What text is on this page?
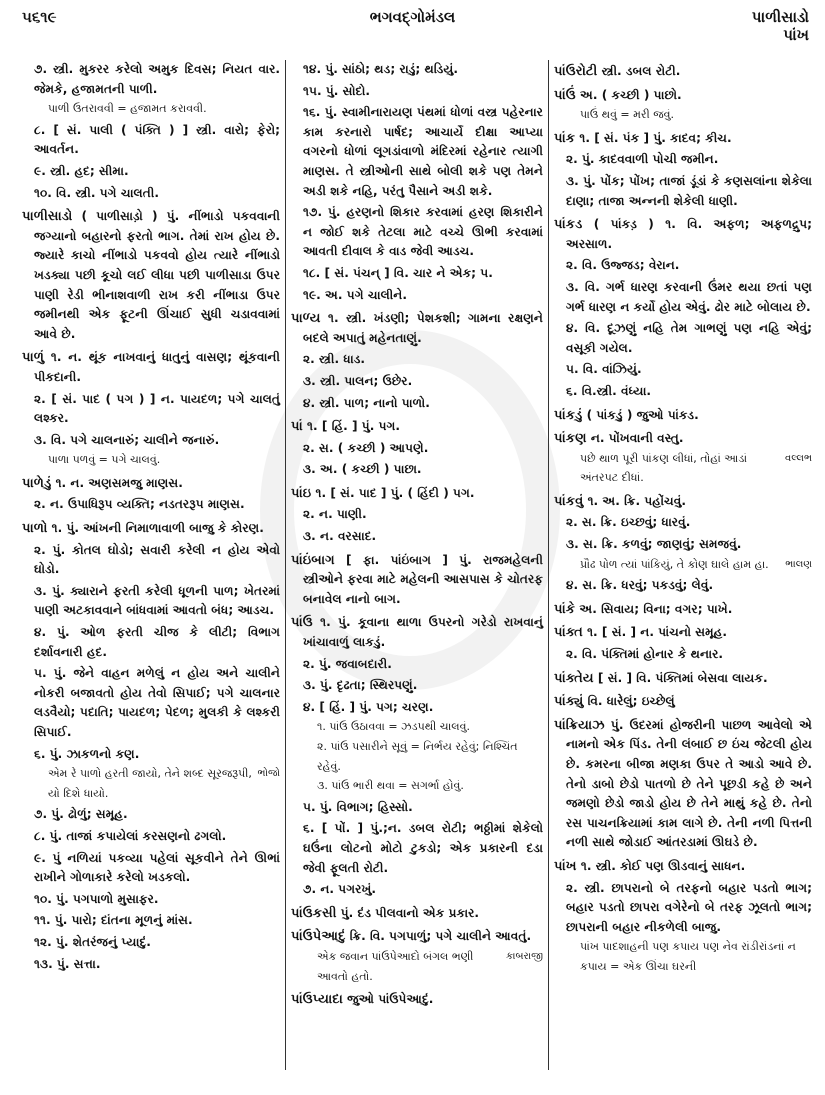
ભગવદ્ગોમંડલ
૫૬૧૯	પાળીસાડો
પાંખ
૭. સ્ત્રી. મુકરર કરેલો અમુક દિવસ; નિયત વાર. જેમકે, હજામતની પાળી.
પાળી ઉતરાવવી = હજામત કરાવવી.
૮. [ સં. પાલી ( પંક્તિ ) ] સ્ત્રી. વારો; ફેરો; આવર્તન.
૯. સ્ત્રી. હદ; સીમા.
૧૦. વિ. સ્ત્રી. પગે ચાલતી.
પાળીસાડો ( પાળીસાડ઼ો ) પું. નીંભાડો પકવવાની જગ્યાનો બહારનો ફરતો ભાગ. તેમાં રાખ હોય છે. જ્યારે કાચો નીંભાડો પકવવો હોય ત્યારે નીંભાડો ખડક્યા પછી કૂચો લઈ લીધા પછી પાળીસાડા ઉપર પાણી રેડી ભીનાશવાળી રાખ કરી નીંભાડા ઉપર જમીનથી એક ફૂટની ઊંચાઈ સુધી ચડાવવામાં આવે છે.
પાળું ૧. ન. થૂંક નાખવાનું ધાતુનું વાસણ; થૂંકવાની પીકદાની.
૨. [ સં. પાદ ( પગ ) ] ન. પાયદળ; પગે ચાલતું લશ્કર.
૩. વિ. પગે ચાલનારું; ચાલીને જનારું.
પાળા પળવું = પગે ચાલવું.
પાળેડું ૧. ન. અણસમજુ માણસ.
૨. ન. ઉપાધિરૂપ વ્યક્તિ; નડતરરૂપ માણસ.
પાળો ૧. પું. આંખની નિમાળાવાળી બાજુ કે કોરણ.
૨. પું. કોતલ ઘોડો; સવારી કરેલી ન હોય એવો ઘોડો.
૩. પું. ક્યારાને ફરતી કરેલી ધૂળની પાળ; ખેતરમાં પાણી અટકાવવાને બાંધવામાં આવતો બંધ; આડચ.
૪. પું. ઓળ ફરતી ચીજ કે લીટી; વિભાગ દર્શાવનારી હદ.
૫. પું. જેને વાહન મળેલું ન હોય અને ચાલીને નોકરી બજાવતો હોય તેવો સિપાઈ; પગે ચાલનાર લડવૈયો; પદાતિ; પાયદળ; પેદળ; મુલકી કે લશ્કરી સિપાઈ.
૬. પું. ઝાકળનો કણ.
ભોજો
એમ રે પાળો હરતી જાયો, તેને શબ્દ સૂરજરૂપી, યો દિશે ધાયો.
૭. પું. ઢોળું; સમૂહ.
૮. પું. તાજાં કપાયેલાં કરસણનો ઢગલો.
૯. પું નળિયાં પકવ્યા પહેલાં સૂકવીને તેને ઊભાં રાખીને ગોળાકારે કરેલો ખડકલો.
૧૦. પું. પગપાળો મુસાફર.
૧૧. પું. પારો; દાંતના મૂળનું માંસ.
૧૨. પું. શેતરંજનું પ્યાદું.
૧૩. પું. સત્તા.
૧૪. પું. સાંઠો; થડ; રાડું; થડિયું.
૧૫. પું. સોદો.
૧૬. પું. સ્વામીનારાયણ પંથમાં ધોળાં વસ્ત્ર પહેરનાર કામ કરનારો પાર્ષદ; આચાર્યે દીક્ષા આપ્યા વગરનો ધોળાં લૂગડાંવાળો મંદિરમાં રહેનાર ત્યાગી માણસ. તે સ્ત્રીઓની સાથે બોલી શકે પણ તેમને અડી શકે નહિ, પરંતુ પૈસાને અડી શકે.
૧૭. પું. હરણનો શિકાર કરવામાં હરણ શિકારીને ન જોઈ શકે તેટલા માટે વચ્ચે ઊભી કરવામાં આવતી દીવાલ કે વાડ જેવી આડચ.
૧૮. [ સં. પંચન્ ] વિ. ચાર ને એક; ૫.
૧૯. અ. પગે ચાલીને.
પાળ્ય ૧. સ્ત્રી. ખંડણી; પેશકશી; ગામના રક્ષણને બદલે અપાતું મહેનતાણું.
૨. સ્ત્રી. ધાડ.
૩. સ્ત્રી. પાલન; ઉછેર.
૪. સ્ત્રી. પાળ; નાનો પાળો.
પાં ૧. [ હિં. ] પું. પગ.
૨. સ. ( કચ્છી ) આપણે.
૩. અ. ( કચ્છી ) પાછા.
પાંઇ ૧. [ સં. પાદ ] પું. ( હિંદી ) પગ.
૨. ન. પાણી.
૩. ન. વરસાદ.
પાંઇંબાગ [ ફા. પાંઇંબાગ ] પું. રાજમહેલની સ્ત્રીઓને ફરવા માટે મહેલની આસપાસ કે ચોતરફ બનાવેલ નાનો બાગ.
પાંઉ ૧. પું. કૂવાના થાળા ઉપરનો ગરેડો રાખવાનું ખાંચાવાળું લાકડું.
૨. પું. જવાબદારી.
૩. પું. દૃઢતા; સ્થિરપણું.
૪. [ હિં. ] પું. પગ; ચરણ.
૧. પાંઉ ઉઠાવવા = ઝડપથી ચાલવું.
૨. પાંઉ પસારીને સૂવું = નિર્ભય રહેવું; નિશ્ચિંત રહેવું.
૩. પાંઉ ભારી થવા = સગર્ભા હોવું.
૫. પું. વિભાગ; હિસ્સો.
૬. [ પોં. ] પું.;ન. ડબલ રોટી; ભઠ્ઠીમાં શેકેલો ઘઉંના લોટનો મોટો ટુકડો; એક પ્રકારની દડા જેવી ફૂલતી રોટી.
૭. ન. પગરખું.
પાંઉકસી પું. દંડ પીલવાનો એક પ્રકાર.
પાંઉપેઆદું ક્રિ. વિ. પગપાળું; પગે ચાલીને આવતું.
કાબરાજી
એક જવાન પાંઉપેઆદો બંગલ ભણી આવતો હતો.
પાંઉપ્યાદા જુઓ પાંઉપેઆદું.
પાંઉરોટી સ્ત્રી. ડબલ રોટી.
પાંઉં અ. ( કચ્છી ) પાછો.
પાઉં થવું = મરી જવું.
પાંક ૧. [ સં. પંક ] પું. કાદવ; કીચ.
૨. પું. કાદવવાળી પોચી જમીન.
૩. પું. પોંક; પોંખ; તાજાં ડૂંડાં કે કણસલાંના શેકેલા દાણા; તાજા અન્નની શેકેલી ધાણી.
પાંકડ ( પાંકડ઼ ) ૧. વિ. અફળ; અફળદ્રુપ; અરસાળ.
૨. વિ. ઉજ્જડ; વેરાન.
૩. વિ. ગર્ભ ધારણ કરવાની ઉંમર થયા છતાં પણ ગર્ભ ધારણ ન કર્યો હોય એવું. ઢોર માટે બોલાય છે.
૪. વિ. દૂઝણું નહિ તેમ ગાભણું પણ નહિ એવું; વસૂકી ગયેલ.
૫. વિ. વાંઝિયું.
૬. વિ.સ્ત્રી. વંધ્યા.
પાંકડું ( પાંકડ઼ું ) જુઓ પાંકડ.
પાંકણ ન. પોંખવાની વસ્તુ.
વલ્લભ
પછે થાળ પૂરી પાંકણ લીધાં, તોહાં આડાં અંતરપટ દીધાં.
પાંકવું ૧. અ. ક્રિ. પહોંચવું.
૨. સ. ક્રિ. ઇચ્છવું; ધારવું.
૩. સ. ક્રિ. કળવું; જાણવું; સમજવું.
ભાલણ
પ્રૌઢ પોળ ત્યાં પાંકિયું, તે કોણ ઘાલે હામ હા.
૪. સ. ક્રિ. ધરવું; પકડવું; લેવું.
પાંકે અ. સિવાય; વિના; વગર; પાખે.
પાંક્ત ૧. [ સં. ] ન. પાંચનો સમૂહ.
૨. વિ. પંક્તિમાં હોનાર કે થનાર.
પાંક્તેય [ સં. ] વિ. પંક્તિમાં બેસવા લાયક.
પાંક્યું વિ. ધારેલું; ઇચ્છેલું
પાંક્રિયાઝ પું. ઉદરમાં હોજરીની પાછળ આવેલો એ નામનો એક પિંડ. તેની લંબાઈ છ ઇંચ જેટલી હોય છે. કમરના બીજા મણકા ઉપર તે આડો આવે છે. તેનો ડાબો છેડો પાતળો છે તેને પૂછડી કહે છે અને જમણો છેડો જાડો હોય છે તેને માથું કહે છે. તેનો રસ પાચનક્રિયામાં કામ લાગે છે. તેની નળી પિત્તની નળી સાથે જોડાઈ આંતરડામાં ઊઘડે છે.
પાંખ ૧. સ્ત્રી. કોઈ પણ ઊડવાનું સાધન.
૨. સ્ત્રી. છાપરાનો બે તરફનો બહાર પડતો ભાગ; બહાર પડતો છાપરા વગેરેનો બે તરફ ઝૂલતો ભાગ; છાપરાની બહાર નીકળેલી બાજુ.
પાંખ પાદશાહની પણ કપાય પણ નેવ રાંડીરાંડનાં ન કપાય = એક ઊંચા ઘરની
